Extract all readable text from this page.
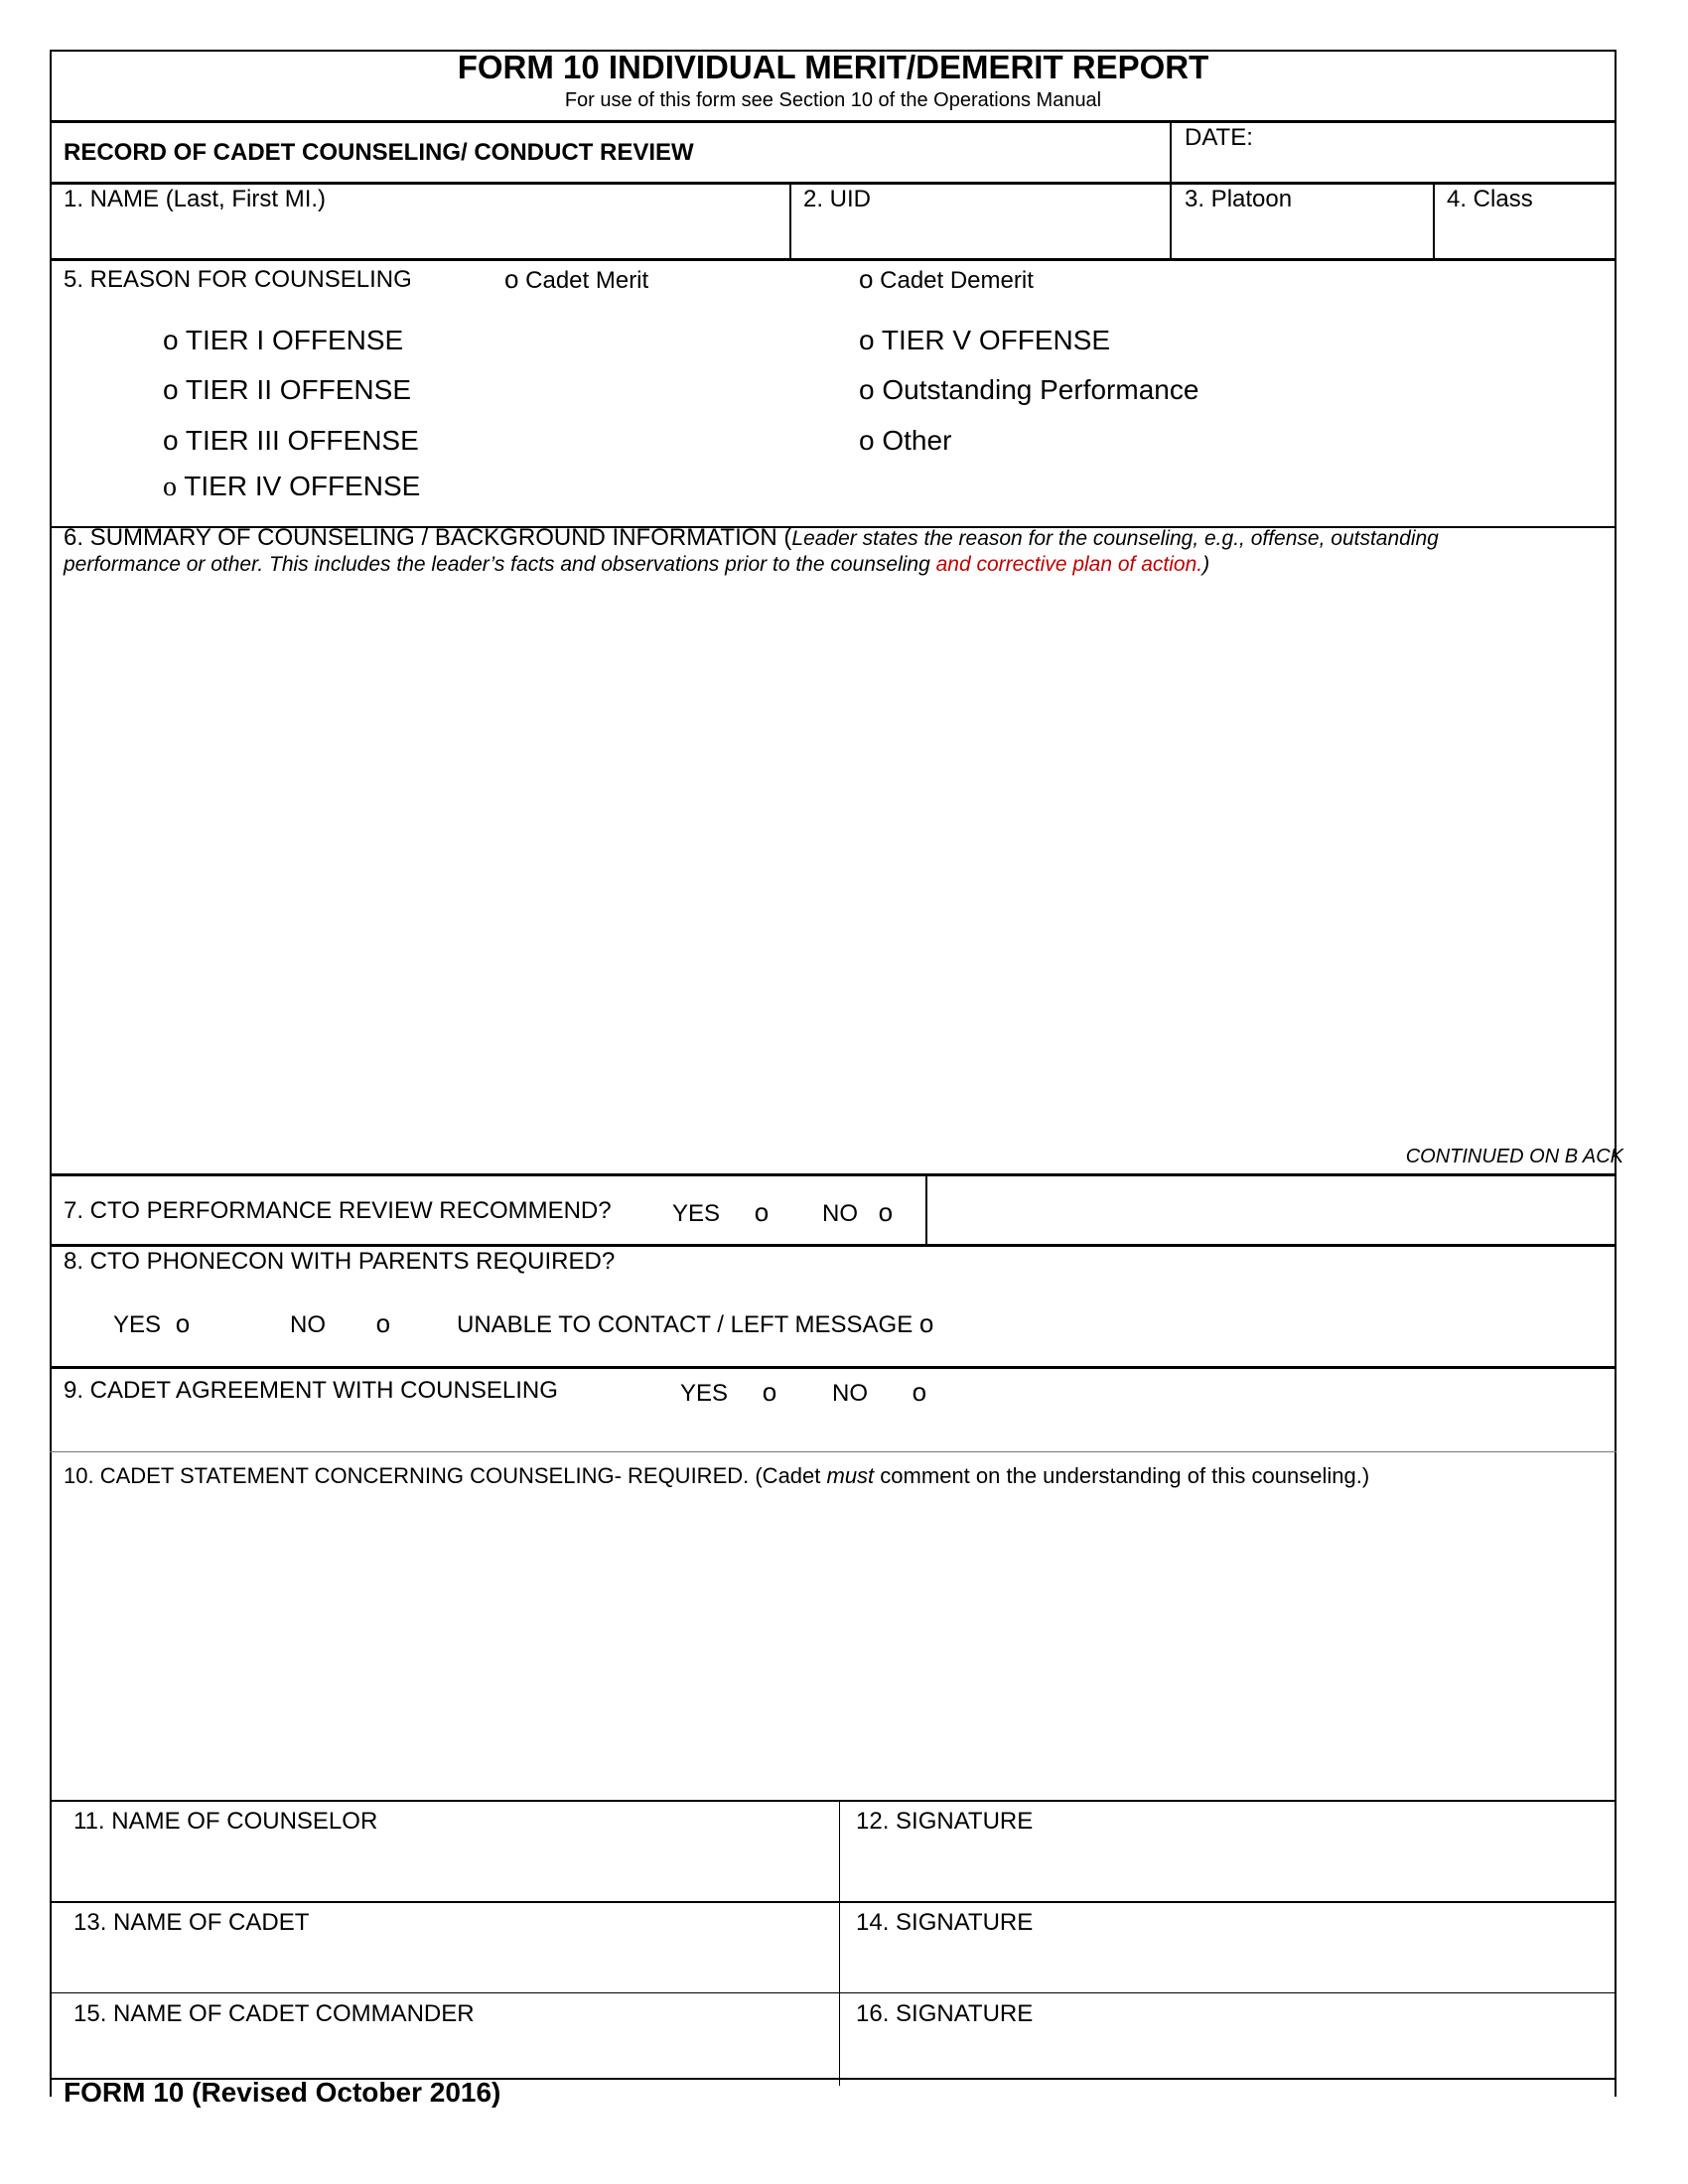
FORM 10 INDIVIDUAL MERIT/DEMERIT REPORT
For use of this form see Section 10 of the Operations Manual
RECORD OF CADET COUNSELING/ CONDUCT REVIEW
DATE:
1. NAME (Last, First MI.)	2. UID	3. Platoon	4. Class
5. REASON FOR COUNSELING	o Cadet Merit	o Cadet Demerit
o TIER I OFFENSE
o TIER II OFFENSE
o TIER III OFFENSE
o TIER IV OFFENSE
o TIER V OFFENSE
o Outstanding Performance
o Other
6. SUMMARY OF COUNSELING / BACKGROUND INFORMATION (Leader states the reason for the counseling, e.g., offense, outstanding
performance or other. This includes the leader’s facts and observations prior to the counseling and corrective plan of action.)
CONTINUED ON B ACK
7. CTO PERFORMANCE REVIEW RECOMMEND?	YES o NO o
8. CTO PHONECON WITH PARENTS REQUIRED?
YES o	NO o	UNABLE TO CONTACT / LEFT MESSAGE o
9. CADET AGREEMENT WITH COUNSELING	YES o NO o
10. CADET STATEMENT CONCERNING COUNSELING- REQUIRED. (Cadet must comment on the understanding of this counseling.)
11. NAME OF COUNSELOR	12. SIGNATURE
13. NAME OF CADET	14. SIGNATURE
15. NAME OF CADET COMMANDER	16. SIGNATURE
FORM 10 (Revised October 2016)
